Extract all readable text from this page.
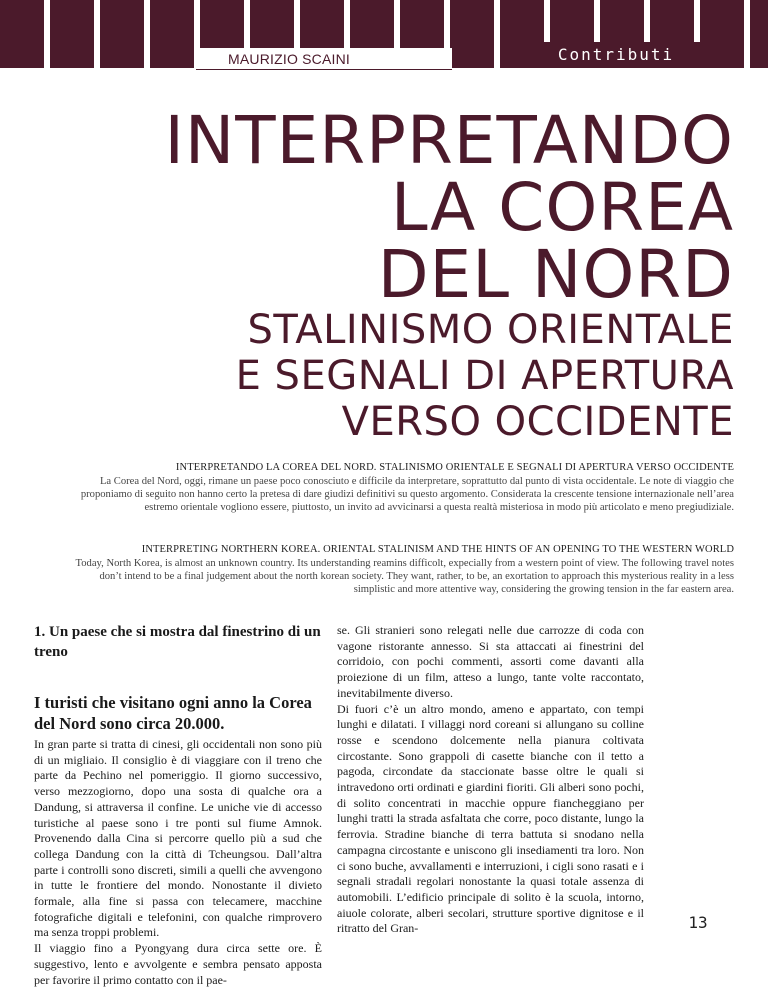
MAURIZIO SCAINI	Contributi
INTERPRETANDO
LA COREA
DEL NORD
STALINISMO ORIENTALE
E SEGNALI DI APERTURA
VERSO OCCIDENTE

INTERPRETANDO LA COREA DEL NORD. STALINISMO ORIENTALE E SEGNALI DI APERTURA VERSO OCCIDENTE

La Corea del Nord, oggi, rimane un paese poco conosciuto e difficile da interpretare, soprattutto dal punto di vista occidentale. Le note di viaggio che proponiamo di seguito non hanno certo la pretesa di dare giudizi definitivi su questo argomento. Considerata la crescente tensione internazionale nell’area estremo orientale vogliono essere, piuttosto, un invito ad avvicinarsi a questa realtà misteriosa in modo più articolato e meno pregiudiziale.

INTERPRETING NORTHERN KOREA. ORIENTAL STALINISM AND THE HINTS OF AN OPENING TO THE WESTERN WORLD

Today, North Korea, is almost an unknown country. Its understanding reamins difficolt, expecially from a western point of view. The following travel notes don’t intend to be a final judgement about the north korean society. They want, rather, to be, an exortation to approach this mysterious reality in a less simplistic and more attentive way, considering the growing tension in the far eastern area.

1. Un paese che si mostra dal finestrino di un treno

I turisti che visitano ogni anno la Corea del Nord sono circa 20.000.

In gran parte si tratta di cinesi, gli occidentali non sono più di un migliaio. Il consiglio è di viaggiare con il treno che parte da Pechino nel pomeriggio. Il giorno successivo, verso mezzogiorno, dopo una sosta di qualche ora a Dandung, si attraversa il confine. Le uniche vie di accesso turistiche al paese sono i tre ponti sul fiume Amnok. Provenendo dalla Cina si percorre quello più a sud che collega Dandung con la città di Tcheungsou. Dall’altra parte i controlli sono discreti, simili a quelli che avvengono in tutte le frontiere del mondo. Nonostante il divieto formale, alla fine si passa con telecamere, macchine fotografiche digitali e telefonini, con qualche rimprovero ma senza troppi problemi.

Il viaggio fino a Pyongyang dura circa sette ore. È suggestivo, lento e avvolgente e sembra pensato apposta per favorire il primo contatto con il pae-

se. Gli stranieri sono relegati nelle due carrozze di coda con vagone ristorante annesso. Si sta attaccati ai finestrini del corridoio, con pochi commenti, assorti come davanti alla proiezione di un film, atteso a lungo, tante volte raccontato, inevitabilmente diverso.

Di fuori c’è un altro mondo, ameno e appartato, con tempi lunghi e dilatati. I villaggi nord coreani si allungano su colline rosse e scendono dolcemente nella pianura coltivata circostante. Sono grappoli di casette bianche con il tetto a pagoda, circondate da staccionate basse oltre le quali si intravedono orti ordinati e giardini fioriti. Gli alberi sono pochi, di solito concentrati in macchie oppure fiancheggiano per lunghi tratti la strada asfaltata che corre, poco distante, lungo la ferrovia. Stradine bianche di terra battuta si snodano nella campagna circostante e uniscono gli insediamenti tra loro. Non ci sono buche, avvallamenti e interruzioni, i cigli sono rasati e i segnali stradali regolari nonostante la quasi totale assenza di automobili. L’edificio principale di solito è la scuola, intorno, aiuole colorate, alberi secolari, strutture sportive dignitose e il ritratto del Gran-	13
